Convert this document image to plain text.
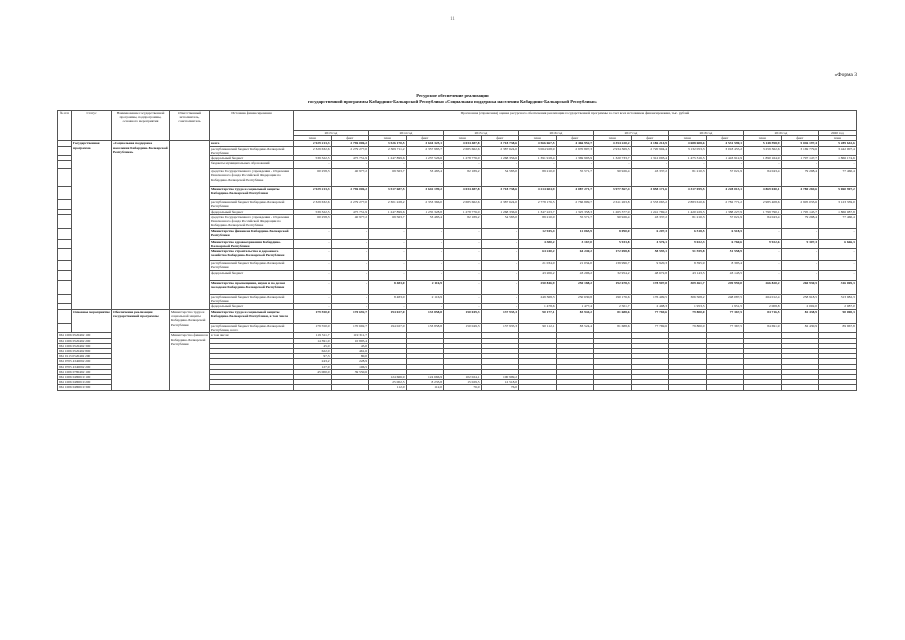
11
«Форма 3
Ресурсное обеспечение реализации
государственной программы Кабардино-Балкарской Республики «Социальная поддержка населения Кабардино-Балкарской Республики»
№ п/п	Статус	Наименование государственной программы, подпрограммы, основного мероприятия	Ответственный исполнитель, соисполнитель	Источник финансирования	Прогнозная (справочная) оценка ресурсного обеспечения реализации государственной программы за счет всех источников финансирования, тыс. рублей														
					2013 год		2014 год		2015 год		2016 год		2017 год		2018 год		2019 год		2020 год
					план	факт	план	факт	план	факт	план	факт	план	факт	план	факт	план	факт	план
	Государственная программа	«Социальная поддержка населения Кабардино-Балкарской Республики»		всего	2 929 213,3	2 796 006,2	3 526 170,5	3 644 325,1	4 034 487,8	3 718 738,6	4 566 667,5	4 466 952,7	4 354 220,2	4 186 214,9	4 688 608,6	4 531 590,1	5 148 598,9	5 046 197,4	5 289 642,6
				республиканский бюджет Кабардино-Балкарской Республики	2 329 632,6	2 279 277,0	2 309 711,2	2 357 983,7	2 685 662,6	2 387 624,0	3 064 928,9	2 970 807,3	2 934 369,5	2 720 904,4	3 132 053,3	3 018 455,2	3 259 362,6	3 169 779,6	3 442 007,4
				федеральный бюджет	539 322,5	475 751,9	1 247 899,6	1 237 526,6	1 278 776,0	1 268 356,6	1 391 918,4	1 369 993,9	1 320 733,7	1 312 093,4	1 475 316,5	1 443 912,9	1 890 164,9	1 797 147,7	1 866 174,6
				бюджеты муниципальных образований	-	-	-	-	-	-	-	-	-	-	-	-	-	-	-
				средства Государственного учреждения - Отделения Пенсионного фонда Российской Федерации по Кабардино-Балкарской Республике	60 258,3	40 977,2	69 563,7	53 483,4	82 189,2	54 583,0	89 210,0	55 571,7	90 926,4	43 337,2	81 210,3	57 021,9	84 043,4	79 298,4	77 460,4
				Министерство труда и социальной защиты Кабардино-Балкарской Республики	2 929 213,3	2 796 006,2	3 517 687,5	3 642 199,2	4 034 487,8	3 718 738,6	4 214 604,9	4 087 271,7	3 977 567,4	3 858 171,6	4 317 059,5	4 228 013,1	4 869 040,1	4 780 269,6	5 060 907,2
				республиканский бюджет Кабардино-Балкарской Республики	2 329 632,6	2 279 277,0	2 301 228,2	2 353 366,0	2 685 662,6	2 387 624,0	2 778 176,5	2 766 809,7	2 611 263,8	2 533 065,2	2 883 610,6	2 782 771,2	2 985 408,6	2 905 033,6	3 123 339,0
				федеральный бюджет	539 322,5	475 751,9	1 247 899,6	1 235 328,8	1 278 776,0	1 268 336,6	1 347 223,7	1 325 358,3	1 265 377,9	1 241 769,2	1 420 229,5	1 388 227,9	1 799 790,1	1 795 145,7	1 866 087,8
				средства Государственного учреждения - Отделения Пенсионного фонда Российской Федерации по Кабардино-Балкарской Республике	60 258,3	40 977,2	69 563,7	53 483,4	82 189,2	54 583,0	89 210,0	55 571,7	90 926,4	43 337,2	81 210,3	57 021,9	84 043,4	79 298,4	77 460,4
				Министерство финансов Кабардино-Балкарской Республики	-	-	-	-	-	-	12 945,4	12 065,9	8 090,0	6 207,3	6 518,5	6 518,5	-	-	-
				Министерство здравоохранения Кабардино-Балкарской Республики	-	-	-	-	-	-	4 380,2	3 167,0	5 933,8	4 576,1	9 022,3	6 760,6	9 922,6	9 307,3	6 666,3
				Министерство строительства и дорожного хозяйства Кабардино-Балкарской Республики	-	-	-	-	-	-	64 240,2	64 240,2	172 698,8	58 593,1	51 559,8	51 558,9	-	-	-
				республиканский бюджет Кабардино-Балкарской Республики	-	-	-	-	-	-	21 034,0	21 034,0	139 996,7	9 920,3	8 395,9	8 395,4	-	-	-
				федеральный бюджет	-	-	-	-	-	-	43 206,2	43 206,2	32 954,2	48 672,8	43 143,5	43 143,5	-	-	-
				Министерство просвещения, науки и по делам молодежи Кабардино-Балкарской Республики	-	-	8 483,0	2 116,9	-	-	250 846,9	250 188,2	192 678,3	178 907,8	309 461,7	249 959,0	266 820,2	260 930,5	316 069,3
				республиканский бюджет Кабардино-Балкарской Республики	-	-	8 483,0	2 116,9	-	-	249 368,3	250 630,8	190 176,6	176 409,5	306 508,2	248 087,5	264 012,4	258 918,5	313 982,3
				федеральный бюджет	-	-	-	-	-	-	1 478,6	1 477,4	2 501,7	2 498,3	1 953,5	1 951,5	2 008,8	2 002,0	2 087,0
	Основное мероприятие	Обеспечение реализации государственной программы	Министерство труда и социальной защиты Кабардино-Балкарской Республики	Министерство труда и социальной защиты Кабардино-Балкарской Республики, в том числе	179 550,0	170 692,7	194 027,0	133 858,8	150 049,3	137 935,3	90 177,1	83 944,2	81 688,6	77 769,6	79 800,0	77 367,5	84 716,5	82 438,9	90 000,3
				республиканский бюджет Кабардино-Балкарской Республики, всего	179 550,0	170 692,7	194 027,0	133 858,8	150 049,3	137 935,3	90 112,1	83 524,4	81 688,6	77 769,6	79 800,0	77 367,5	84 691,9	82 430,9	89 967,8
961 1006 0520492 100			Министерство финансов Кабардино-Балкарской Республики	в том числе:	119 311,7	119 311,7													
961 1006 0520492 200					14 391,0	10 895,4													
961 1006 0520492 300					45,0	45,0													
961 1006 0520492 800					622,0	461,6													
961 0113 0520492 200					97,3	80,0													
961 0705 4340092 200					243,2	228,9													
961 0705 4340092 200					127,0	106,5													
961 1006 0780492 100					45 000,0	39 550,6													
961 1006 0480019 100							124 666,9	124 666,9	102 024,1	100 999,2									
961 1006 0480019 200							25 002,5	8 233,8	15 029,5	12 518,0									
961 1006 0480019 300							112,0	112,0	76,0	76,0									
